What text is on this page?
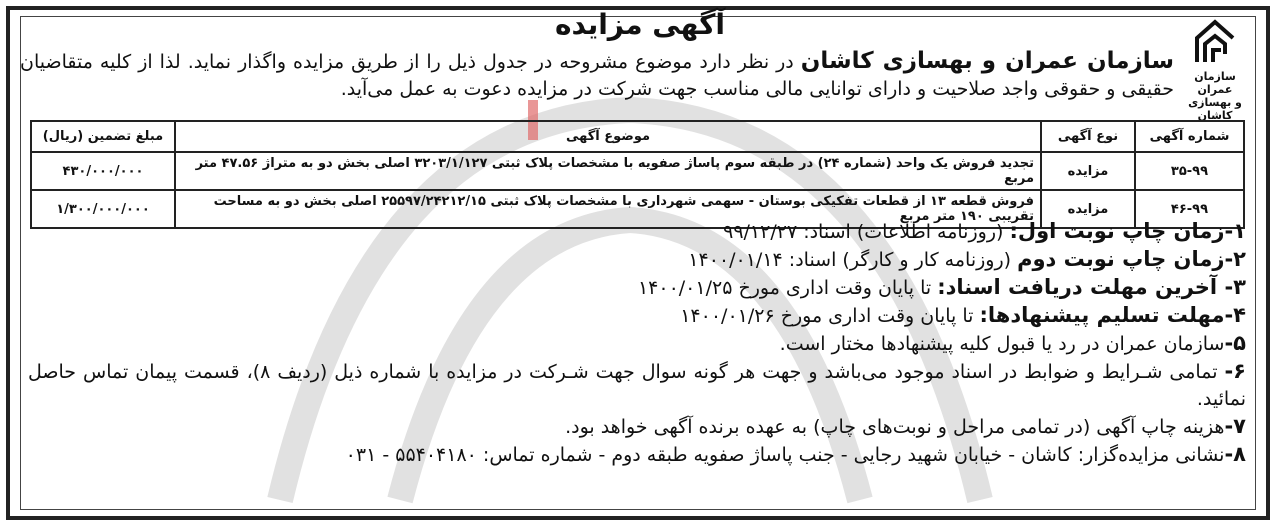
سازمان عمران
و بهسازی کاشان
آگهی مزایده
سازمان عمران و بهسازی کاشان در نظر دارد موضوع مشروحه در جدول ذیل را از طریق مزایده واگذار نماید. لذا از کلیه متقاضیان حقیقی و حقوقی واجد صلاحیت و دارای توانایی مالی مناسب جهت شرکت در مزایده دعوت به عمل می‌آید.
شماره آگهی	نوع آگهی	موضوع آگهی	مبلغ تضمین (ریال)
۳۵-۹۹	مزایده	تجدید فروش یک واحد (شماره ۲۴) در طبقه سوم پاساژ صفویه با مشخصات پلاک ثبتی ۳۲۰۳/۱/۱۲۷ اصلی بخش دو به متراژ ۴۷.۵۶ متر مربع	۴۳۰/۰۰۰/۰۰۰
۴۶-۹۹	مزایده	فروش قطعه ۱۳ از قطعات تفکیکی بوستان - سهمی شهرداری با مشخصات پلاک ثبتی ۲۵۵۹۷/۲۴۲۱۲/۱۵ اصلی بخش دو به مساحت تقریبی ۱۹۰ متر مربع	۱/۳۰۰/۰۰۰/۰۰۰
۱-زمان چاپ نوبت اول: (روزنامه اطلاعات) اسناد: ۹۹/۱۲/۲۷
۲-زمان چاپ نوبت دوم (روزنامه کار و کارگر) اسناد: ۱۴۰۰/۰۱/۱۴
۳- آخرین مهلت دریافت اسناد: تا پایان وقت اداری مورخ ۱۴۰۰/۰۱/۲۵
۴-مهلت تسلیم پیشنهادها: تا پایان وقت اداری مورخ ۱۴۰۰/۰۱/۲۶
۵-سازمان عمران در رد یا قبول کلیه پیشنهادها مختار است.
۶- تمامی شـرایط و ضوابط در اسناد موجود می‌باشد و جهت هر گونه سوال جهت شـرکت در مزایده با شماره ذیل (ردیف ۸)، قسمت پیمان تماس حاصل نمائید.
۷-هزینه چاپ آگهی (در تمامی مراحل و نوبت‌های چاپ) به عهده برنده آگهی خواهد بود.
۸-نشانی مزایده‌گزار: کاشان - خیابان شهید رجایی - جنب پاساژ صفویه طبقه دوم - شماره تماس: ۵۵۴۰۴۱۸۰ - ۰۳۱
